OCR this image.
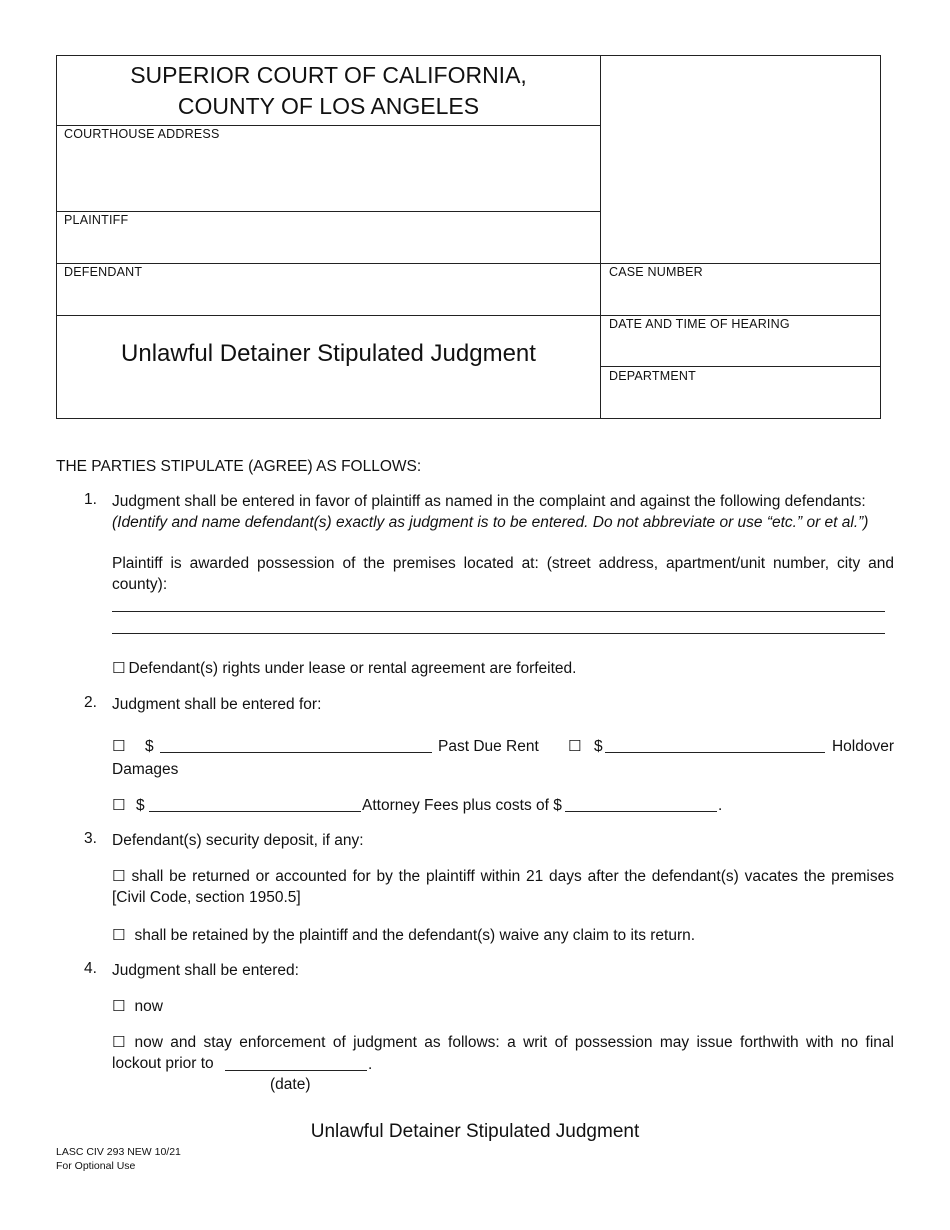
SUPERIOR COURT OF CALIFORNIA,
COUNTY OF LOS ANGELES
COURTHOUSE ADDRESS
PLAINTIFF
DEFENDANT	CASE NUMBER
DATE AND TIME OF HEARING
DEPARTMENT
Unlawful Detainer Stipulated Judgment
THE PARTIES STIPULATE (AGREE) AS FOLLOWS:
1. Judgment shall be entered in favor of plaintiff as named in the complaint and against the following defendants:
(Identify and name defendant(s) exactly as judgment is to be entered. Do not abbreviate or use “etc.” or et al.”)
Plaintiff is awarded possession of the premises located at: (street address, apartment/unit number, city and county):
☐ Defendant(s) rights under lease or rental agreement are forfeited.
2. Judgment shall be entered for:
☐ $	Past Due Rent ☐ $	Holdover
Damages
☐ $	Attorney Fees plus costs of $	.
3. Defendant(s) security deposit, if any:
☐ shall be returned or accounted for by the plaintiff within 21 days after the defendant(s) vacates the premises [Civil Code, section 1950.5]
☐ shall be retained by the plaintiff and the defendant(s) waive any claim to its return.
4. Judgment shall be entered:
☐ now
☐ now and stay enforcement of judgment as follows: a writ of possession may issue forthwith with no final lockout prior to	.
(date)
Unlawful Detainer Stipulated Judgment
LASC CIV 293 NEW 10/21
For Optional Use
